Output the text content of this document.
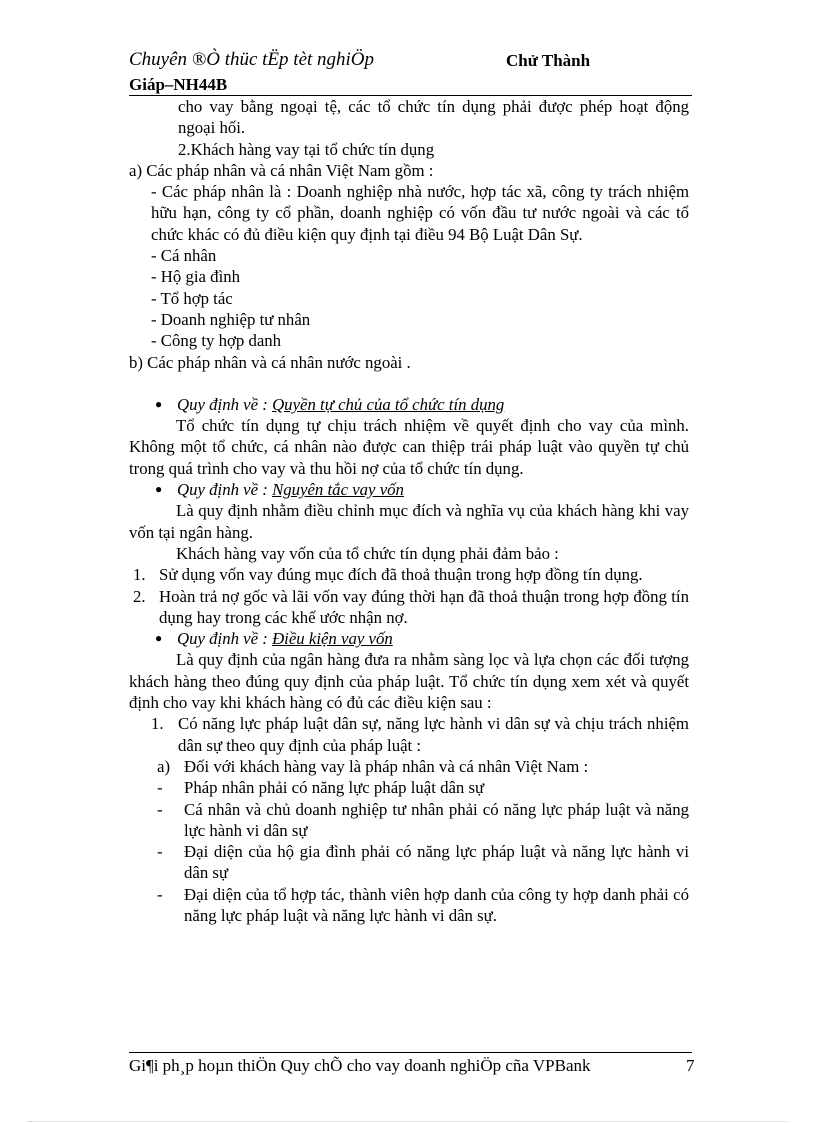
Chuyên ®Ò thüc tËp tèt nghiÖp	Chử Thành
Giáp–NH44B

cho vay bằng ngoại tệ, các tổ chức tín dụng phải được phép hoạt động ngoại hối.

2.Khách hàng vay tại tổ chức tín dụng

a) Các pháp nhân và cá nhân Việt Nam gồm :

- Các pháp nhân là : Doanh nghiệp nhà nước, hợp tác xã, công ty trách nhiệm hữu hạn, công ty cổ phần, doanh nghiệp có vốn đầu tư nước ngoài và các tổ chức khác có đủ điều kiện quy định tại điều 94 Bộ Luật Dân Sự.

- Cá nhân

- Hộ gia đình

- Tổ hợp tác

- Doanh nghiệp tư nhân

- Công ty hợp danh

b) Các pháp nhân và cá nhân nước ngoài .

● Quy định về : Quyền tự chủ của tổ chức tín dụng

Tổ chức tín dụng tự chịu trách nhiệm về quyết định cho vay của mình. Không một tổ chức, cá nhân nào được can thiệp trái pháp luật vào quyền tự chủ trong quá trình cho vay và thu hồi nợ của tổ chức tín dụng.

● Quy định về : Nguyên tắc vay vốn

Là quy định nhằm điều chỉnh mục đích và nghĩa vụ của khách hàng khi vay vốn tại ngân hàng.

Khách hàng vay vốn của tổ chức tín dụng phải đảm bảo :

1. Sử dụng vốn vay đúng mục đích đã thoả thuận trong hợp đồng tín dụng.

2. Hoàn trả nợ gốc và lãi vốn vay đúng thời hạn đã thoả thuận trong hợp đồng tín dụng hay trong các khế ước nhận nợ.

● Quy định về : Điều kiện vay vốn

Là quy định của ngân hàng đưa ra nhằm sàng lọc và lựa chọn các đối tượng khách hàng theo đúng quy định của pháp luật. Tổ chức tín dụng xem xét và quyết định cho vay khi khách hàng có đủ các điều kiện sau :

1. Có năng lực pháp luật dân sự, năng lực hành vi dân sự và chịu trách nhiệm dân sự theo quy định của pháp luật :

a) Đối với khách hàng vay là pháp nhân và cá nhân Việt Nam :

- Pháp nhân phải có năng lực pháp luật dân sự

- Cá nhân và chủ doanh nghiệp tư nhân phải có năng lực pháp luật và năng lực hành vi dân sự

- Đại diện của hộ gia đình phải có năng lực pháp luật và năng lực hành vi dân sự

- Đại diện của tổ hợp tác, thành viên hợp danh của công ty hợp danh phải có năng lực pháp luật và năng lực hành vi dân sự.

Gi¶i ph¸p hoµn thiÖn Quy chÕ cho vay doanh nghiÖp cña VPBank	7
